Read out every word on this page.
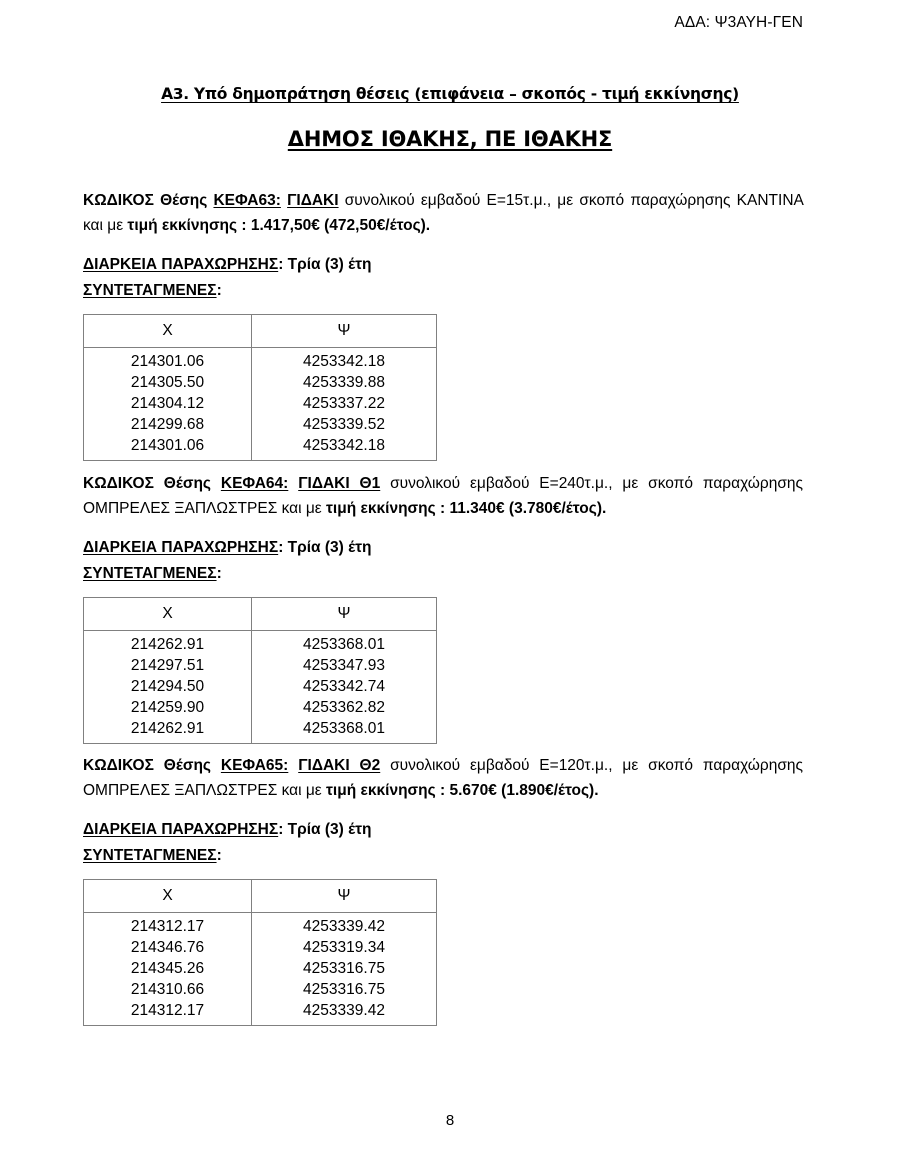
ΑΔΑ: Ψ3ΑΥΗ-ΓΕΝ
Α3. Υπό δημοπράτηση θέσεις (επιφάνεια – σκοπός - τιμή εκκίνησης)
ΔΗΜΟΣ ΙΘΑΚΗΣ, ΠΕ ΙΘΑΚΗΣ

ΚΩΔΙΚΟΣ Θέσης ΚΕΦΑ63: ΓΙΔΑΚΙ συνολικού εμβαδού Ε=15τ.μ., με σκοπό παραχώρησης ΚΑΝΤΙΝΑ και με τιμή εκκίνησης : 1.417,50€ (472,50€/έτος).

ΔΙΑΡΚΕΙΑ ΠΑΡΑΧΩΡΗΣΗΣ: Τρία (3) έτη
ΣΥΝΤΕΤΑΓΜΕΝΕΣ:
Χ	Ψ
214301.06	4253342.18
214305.50	4253339.88
214304.12	4253337.22
214299.68	4253339.52
214301.06	4253342.18

ΚΩΔΙΚΟΣ Θέσης ΚΕΦΑ64: ΓΙΔΑΚΙ Θ1 συνολικού εμβαδού Ε=240τ.μ., με σκοπό παραχώρησης ΟΜΠΡΕΛΕΣ ΞΑΠΛΩΣΤΡΕΣ και με τιμή εκκίνησης : 11.340€ (3.780€/έτος).

ΔΙΑΡΚΕΙΑ ΠΑΡΑΧΩΡΗΣΗΣ: Τρία (3) έτη
ΣΥΝΤΕΤΑΓΜΕΝΕΣ:
Χ	Ψ
214262.91	4253368.01
214297.51	4253347.93
214294.50	4253342.74
214259.90	4253362.82
214262.91	4253368.01

ΚΩΔΙΚΟΣ Θέσης ΚΕΦΑ65: ΓΙΔΑΚΙ Θ2 συνολικού εμβαδού Ε=120τ.μ., με σκοπό παραχώρησης ΟΜΠΡΕΛΕΣ ΞΑΠΛΩΣΤΡΕΣ και με τιμή εκκίνησης : 5.670€ (1.890€/έτος).

ΔΙΑΡΚΕΙΑ ΠΑΡΑΧΩΡΗΣΗΣ: Τρία (3) έτη
ΣΥΝΤΕΤΑΓΜΕΝΕΣ:
Χ	Ψ
214312.17	4253339.42
214346.76	4253319.34
214345.26	4253316.75
214310.66	4253316.75
214312.17	4253339.42
8
